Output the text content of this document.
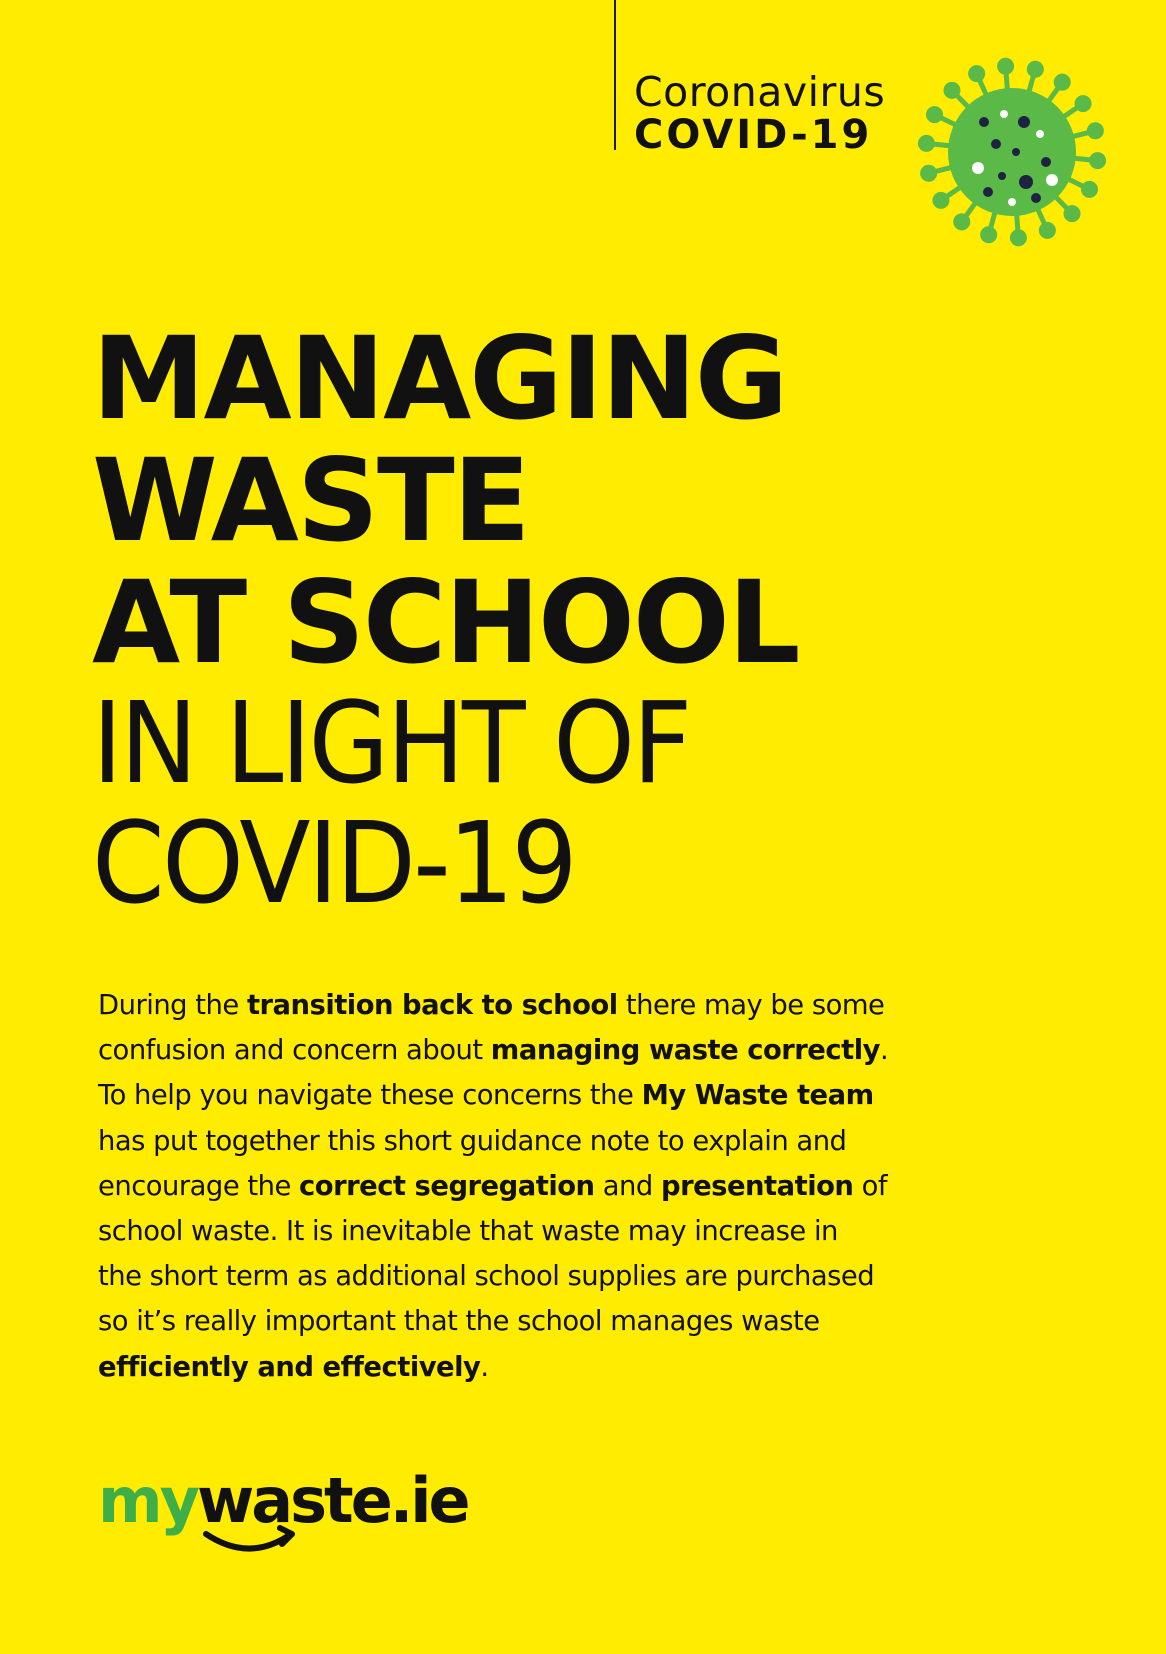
Coronavirus
COVID-19
MANAGING
WASTE
AT SCHOOL
IN LIGHT OF
COVID-19
During the transition back to school there may be some
confusion and concern about managing waste correctly.
To help you navigate these concerns the My Waste team
has put together this short guidance note to explain and
encourage the correct segregation and presentation of
school waste. It is inevitable that waste may increase in
the short term as additional school supplies are purchased
so it’s really important that the school manages waste
efficiently and effectively.
mywaste.ie
